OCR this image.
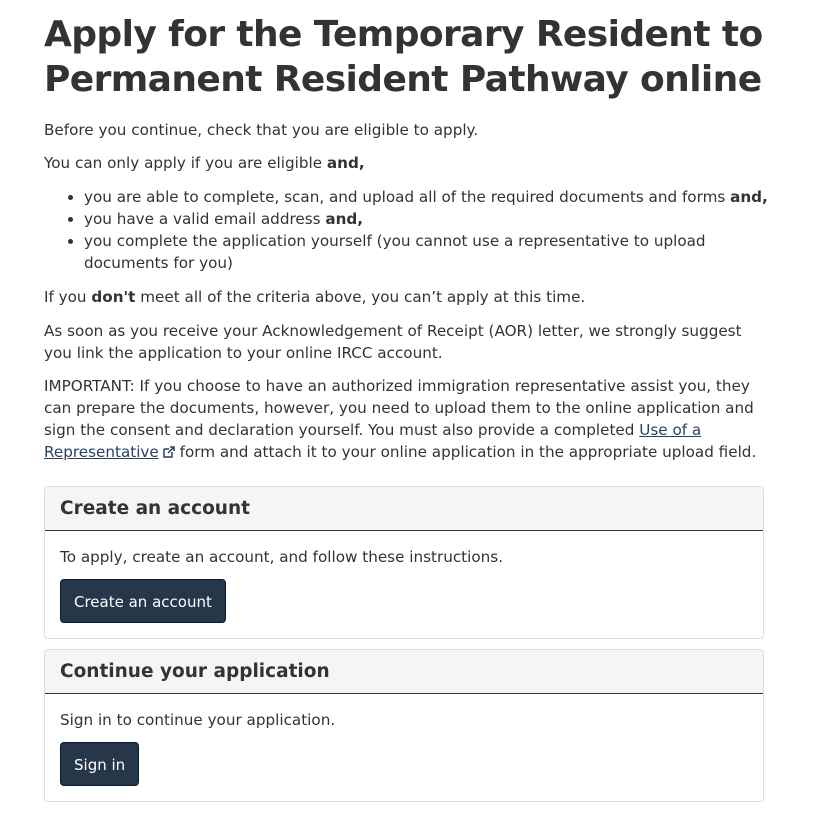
Apply for the Temporary Resident to Permanent Resident Pathway online

Before you continue, check that you are eligible to apply.

You can only apply if you are eligible and,

• you are able to complete, scan, and upload all of the required documents and forms and,
• you have a valid email address and,
• you complete the application yourself (you cannot use a representative to upload documents for you)

If you don't meet all of the criteria above, you can’t apply at this time.

As soon as you receive your Acknowledgement of Receipt (AOR) letter, we strongly suggest you link the application to your online IRCC account.

IMPORTANT: If you choose to have an authorized immigration representative assist you, they can prepare the documents, however, you need to upload them to the online application and sign the consent and declaration yourself. You must also provide a completed Use of a Representative form and attach it to your online application in the appropriate upload field.

Create an account

To apply, create an account, and follow these instructions.

Create an account
Continue your application

Sign in to continue your application.

Sign in
